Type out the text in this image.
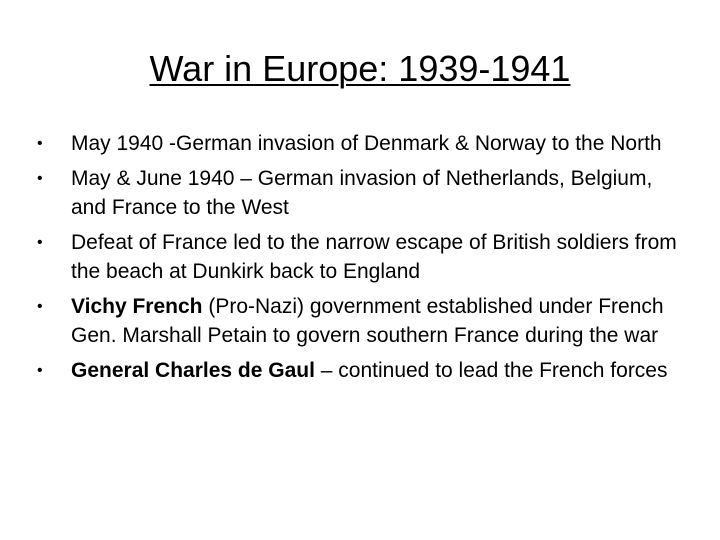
War in Europe: 1939-1941
•	May 1940 -German invasion of Denmark & Norway to the North
•	May & June 1940 – German invasion of Netherlands, Belgium, and France to the West
•	Defeat of France led to the narrow escape of British soldiers from the beach at Dunkirk back to England
•	Vichy French (Pro-Nazi) government established under French Gen. Marshall Petain to govern southern France during the war
•	General Charles de Gaul – continued to lead the French forces
